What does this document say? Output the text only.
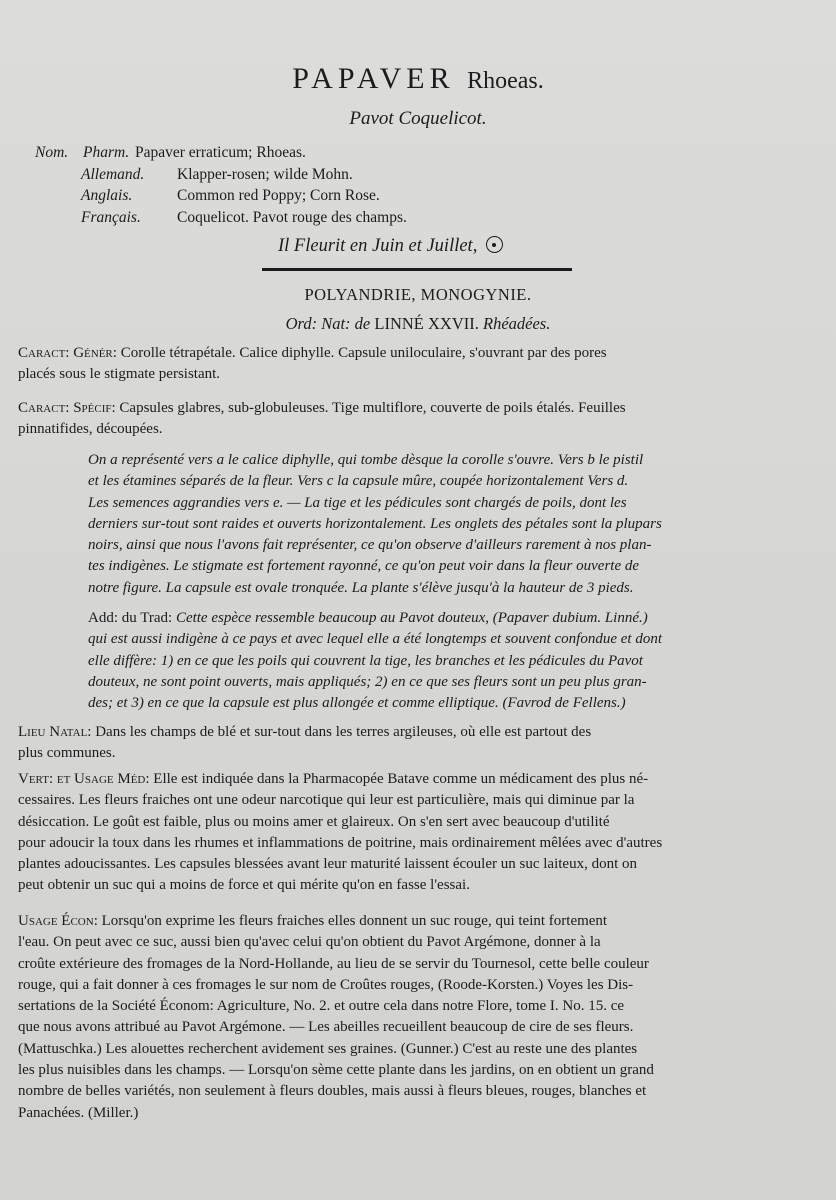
PAPAVER Rhoeas.
Pavot Coquelicot.
Nom. Pharm. Papaver erraticum; Rhoeas.
Allemand. Klapper-rosen; wilde Mohn.
Anglais.	Common red Poppy; Corn Rose.
Français. Coquelicot. Pavot rouge des champs.
Il Fleurit en Juin et Juillet,
POLYANDRIE, MONOGYNIE.
Ord: Nat: de LINNÉ XXVII. Rhéadées.
Caract: Génér: Corolle tétrapétale. Calice diphylle. Capsule uniloculaire, s'ouvrant par des pores
placés sous le stigmate persistant.
Caract: Spécif: Capsules glabres, sub-globuleuses. Tige multiflore, couverte de poils étalés. Feuilles
pinnatifides, découpées.
On a représenté vers a le calice diphylle, qui tombe dèsque la corolle s'ouvre. Vers b le pistil
et les étamines séparés de la fleur. Vers c la capsule mûre, coupée horizontalement Vers d.
Les semences aggrandies vers e. — La tige et les pédicules sont chargés de poils, dont les
derniers sur-tout sont raides et ouverts horizontalement. Les onglets des pétales sont la plupars
noirs, ainsi que nous l'avons fait représenter, ce qu'on observe d'ailleurs rarement à nos plan-
tes indigènes. Le stigmate est fortement rayonné, ce qu'on peut voir dans la fleur ouverte de
notre figure. La capsule est ovale tronquée. La plante s'élève jusqu'à la hauteur de 3 pieds.
Add: du Trad: Cette espèce ressemble beaucoup au Pavot douteux, (Papaver dubium. Linné.)
qui est aussi indigène à ce pays et avec lequel elle a été longtemps et souvent confondue et dont
elle diffère: 1) en ce que les poils qui couvrent la tige, les branches et les pédicules du Pavot
douteux, ne sont point ouverts, mais appliqués; 2) en ce que ses fleurs sont un peu plus gran-
des; et 3) en ce que la capsule est plus allongée et comme elliptique. (Favrod de Fellens.)
Lieu Natal: Dans les champs de blé et sur-tout dans les terres argileuses, où elle est partout des
plus communes.
Vert: et Usage Méd: Elle est indiquée dans la Pharmacopée Batave comme un médicament des plus né-
cessaires. Les fleurs fraiches ont une odeur narcotique qui leur est particulière, mais qui diminue par la
désiccation. Le goût est faible, plus ou moins amer et glaireux. On s'en sert avec beaucoup d'utilité
pour adoucir la toux dans les rhumes et inflammations de poitrine, mais ordinairement mêlées avec d'autres
plantes adoucissantes. Les capsules blessées avant leur maturité laissent écouler un suc laiteux, dont on
peut obtenir un suc qui a moins de force et qui mérite qu'on en fasse l'essai.
Usage Écon: Lorsqu'on exprime les fleurs fraiches elles donnent un suc rouge, qui teint fortement
l'eau. On peut avec ce suc, aussi bien qu'avec celui qu'on obtient du Pavot Argémone, donner à la
croûte extérieure des fromages de la Nord-Hollande, au lieu de se servir du Tournesol, cette belle couleur
rouge, qui a fait donner à ces fromages le sur nom de Croûtes rouges, (Roode-Korsten.) Voyes les Dis-
sertations de la Société Économ: Agriculture, No. 2. et outre cela dans notre Flore, tome I. No. 15. ce
que nous avons attribué au Pavot Argémone. — Les abeilles recueillent beaucoup de cire de ses fleurs.
(Mattuschka.) Les alouettes recherchent avidement ses graines. (Gunner.) C'est au reste une des plantes
les plus nuisibles dans les champs. — Lorsqu'on sème cette plante dans les jardins, on en obtient un grand
nombre de belles variétés, non seulement à fleurs doubles, mais aussi à fleurs bleues, rouges, blanches et
Panachées. (Miller.)
